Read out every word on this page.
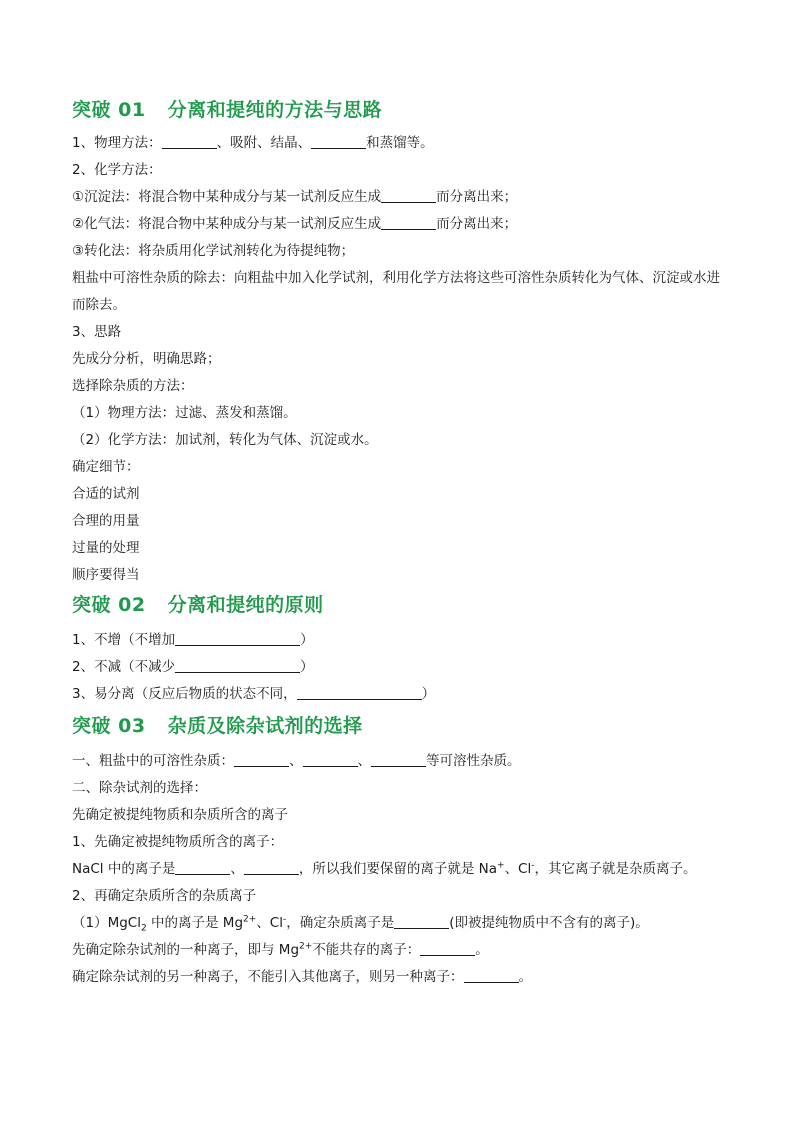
突破 01 分离和提纯的方法与思路
1、物理方法：	、吸附、结晶、	和蒸馏等。
2、化学方法：
①沉淀法：将混合物中某种成分与某一试剂反应生成	而分离出来；
②化气法：将混合物中某种成分与某一试剂反应生成	而分离出来；
③转化法：将杂质用化学试剂转化为待提纯物；
粗盐中可溶性杂质的除去：向粗盐中加入化学试剂，利用化学方法将这些可溶性杂质转化为气体、沉淀或水进而除去。
3、思路
先成分分析，明确思路；
选择除杂质的方法：
（1）物理方法：过滤、蒸发和蒸馏。
（2）化学方法：加试剂，转化为气体、沉淀或水。
确定细节：
合适的试剂
合理的用量
过量的处理
顺序要得当
突破 02 分离和提纯的原则
1、不增（不增加	）
2、不减（不减少	）
3、易分离（反应后物质的状态不同，	）
突破 03 杂质及除杂试剂的选择
一、粗盐中的可溶性杂质：	、	、	等可溶性杂质。
二、除杂试剂的选择：
先确定被提纯物质和杂质所含的离子
1、先确定被提纯物质所含的离子：
NaCl 中的离子是	、	，所以我们要保留的离子就是 Na+、Cl-，其它离子就是杂质离子。
2、再确定杂质所含的杂质离子
（1）MgCl$_2$ 中的离子是 $Mg^{2+}$、Cl-，确定杂质离子是	(即被提纯物质中不含有的离子)。
先确定除杂试剂的一种离子，即与 $Mg^{2+}$不能共存的离子：	。
确定除杂试剂的另一种离子，不能引入其他离子，则另一种离子：	。
